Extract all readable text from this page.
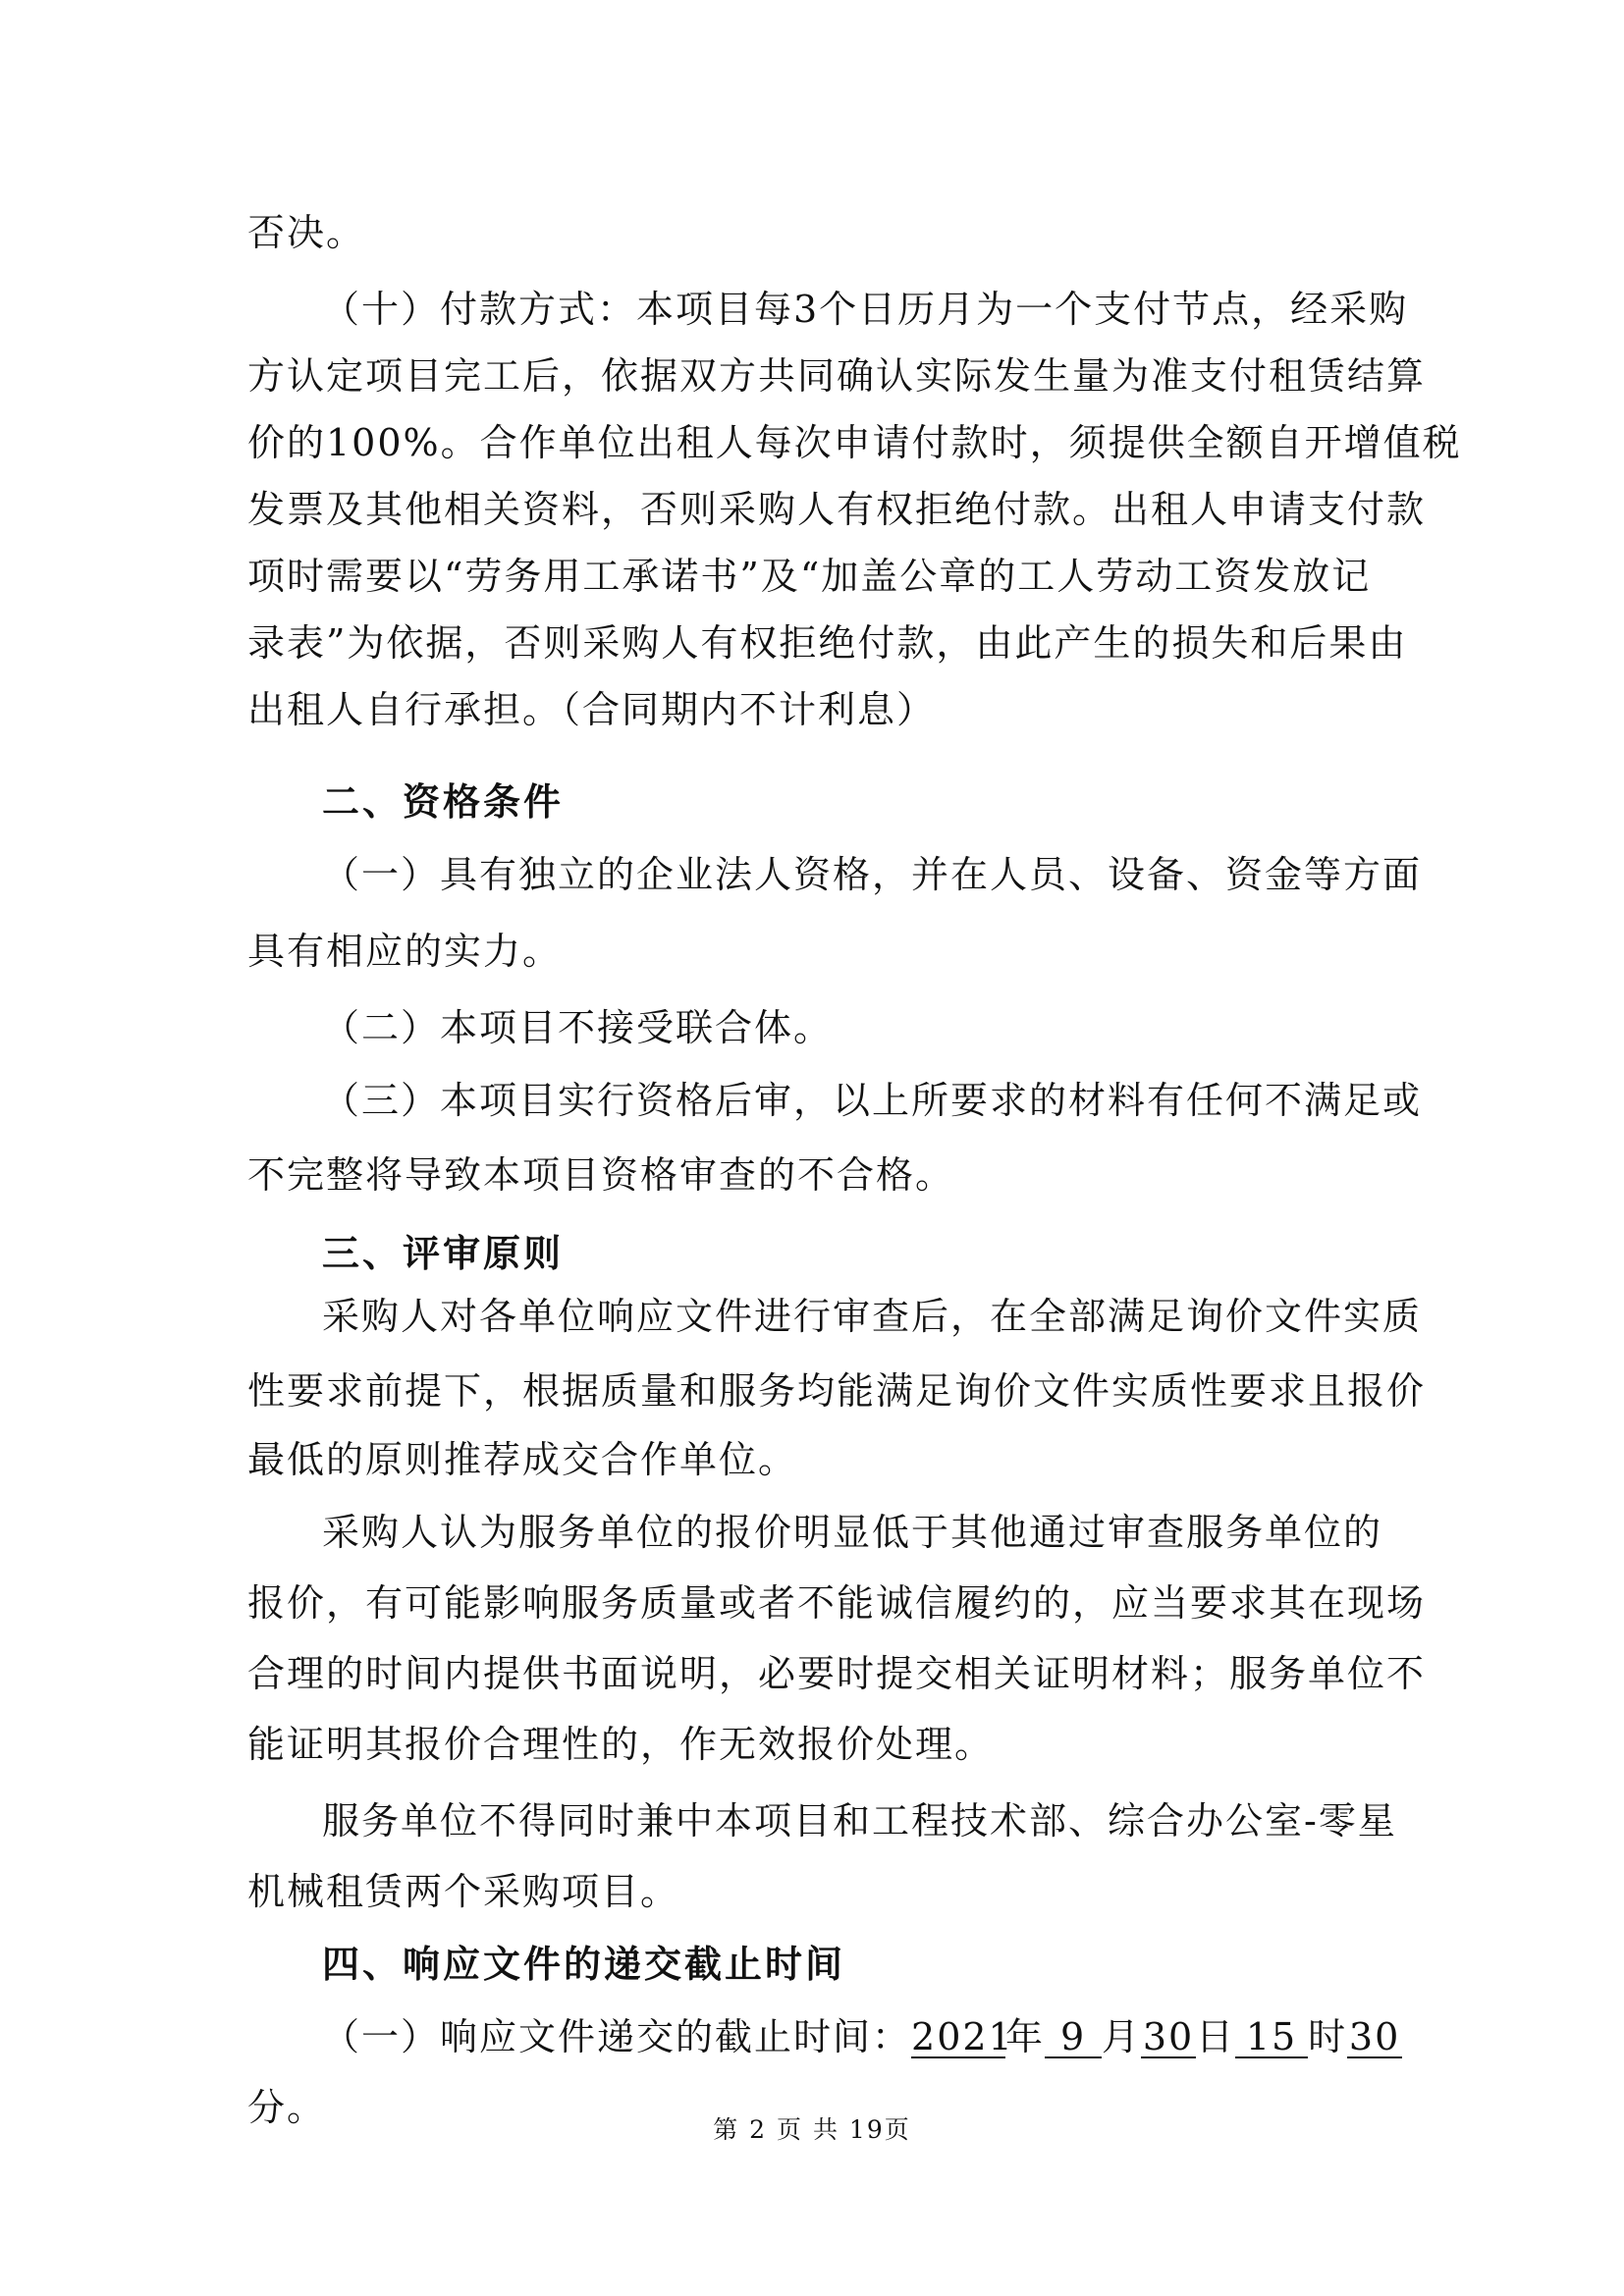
否决。
（十）付款方式：本项目每3个日历月为一个支付节点，经采购
方认定项目完工后，依据双方共同确认实际发生量为准支付租赁结算
价的100%。合作单位出租人每次申请付款时，须提供全额自开增值税
发票及其他相关资料，否则采购人有权拒绝付款。出租人申请支付款
项时需要以“劳务用工承诺书”及“加盖公章的工人劳动工资发放记
录表”为依据，否则采购人有权拒绝付款，由此产生的损失和后果由
出租人自行承担。（合同期内不计利息）
二、资格条件
（一）具有独立的企业法人资格，并在人员、设备、资金等方面
具有相应的实力。
（二）本项目不接受联合体。
（三）本项目实行资格后审，以上所要求的材料有任何不满足或
不完整将导致本项目资格审查的不合格。
三、评审原则
采购人对各单位响应文件进行审查后，在全部满足询价文件实质
性要求前提下，根据质量和服务均能满足询价文件实质性要求且报价
最低的原则推荐成交合作单位。
采购人认为服务单位的报价明显低于其他通过审查服务单位的
报价，有可能影响服务质量或者不能诚信履约的，应当要求其在现场
合理的时间内提供书面说明，必要时提交相关证明材料；服务单位不
能证明其报价合理性的，作无效报价处理。
服务单位不得同时兼中本项目和工程技术部、综合办公室-零星
机械租赁两个采购项目。
四、响应文件的递交截止时间
（一）响应文件递交的截止时间：2021年 9 月30日 15 时30
分。
第 2 页 共 19页
